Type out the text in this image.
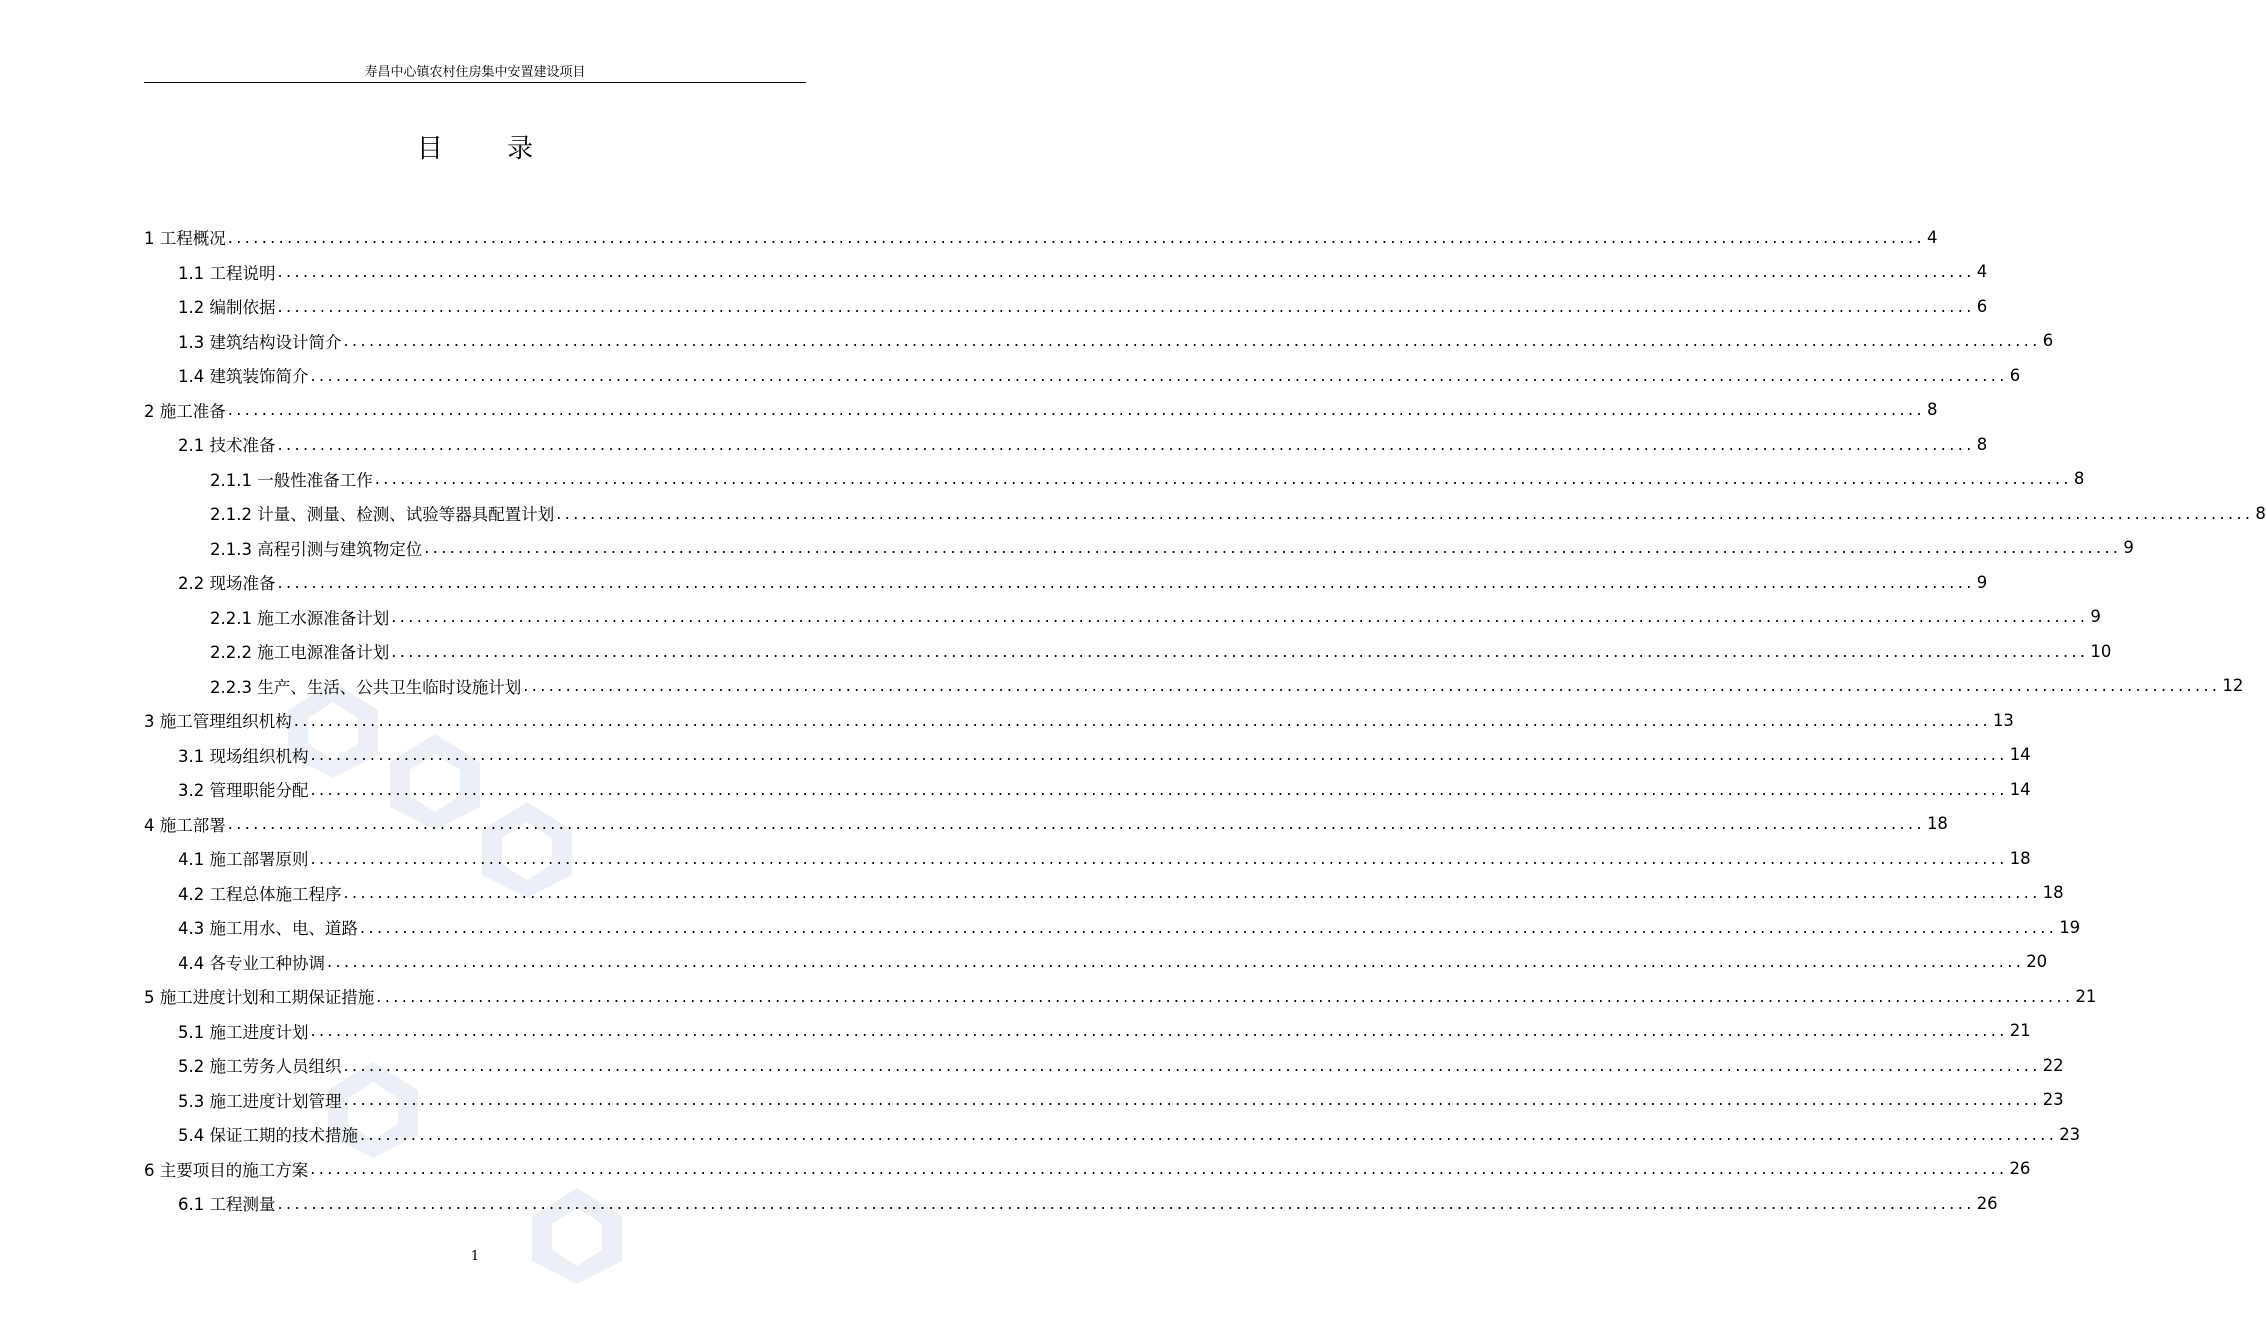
寿昌中心镇农村住房集中安置建设项目
目 录
1 工程概况 ........................................................................................................................................................................................................ 4
1.1 工程说明 ........................................................................................................................................................................................................ 4
1.2 编制依据 ........................................................................................................................................................................................................ 6
1.3 建筑结构设计简介 ........................................................................................................................................................................................................ 6
1.4 建筑装饰简介 ........................................................................................................................................................................................................ 6
2 施工准备 ........................................................................................................................................................................................................ 8
2.1 技术准备 ........................................................................................................................................................................................................ 8
2.1.1 一般性准备工作 ........................................................................................................................................................................................................ 8
2.1.2 计量、测量、检测、试验等器具配置计划 ........................................................................................................................................................................................................ 8
2.1.3 高程引测与建筑物定位 ........................................................................................................................................................................................................ 9
2.2 现场准备 ........................................................................................................................................................................................................ 9
2.2.1 施工水源准备计划 ........................................................................................................................................................................................................ 9
2.2.2 施工电源准备计划 ........................................................................................................................................................................................................ 10
2.2.3 生产、生活、公共卫生临时设施计划 ........................................................................................................................................................................................................ 12
3 施工管理组织机构 ........................................................................................................................................................................................................ 13
3.1 现场组织机构 ........................................................................................................................................................................................................ 14
3.2 管理职能分配 ........................................................................................................................................................................................................ 14
4 施工部署 ........................................................................................................................................................................................................ 18
4.1 施工部署原则 ........................................................................................................................................................................................................ 18
4.2 工程总体施工程序 ........................................................................................................................................................................................................ 18
4.3 施工用水、电、道路 ........................................................................................................................................................................................................ 19
4.4 各专业工种协调 ........................................................................................................................................................................................................ 20
5 施工进度计划和工期保证措施 ........................................................................................................................................................................................................ 21
5.1 施工进度计划 ........................................................................................................................................................................................................ 21
5.2 施工劳务人员组织 ........................................................................................................................................................................................................ 22
5.3 施工进度计划管理 ........................................................................................................................................................................................................ 23
5.4 保证工期的技术措施 ........................................................................................................................................................................................................ 23
6 主要项目的施工方案 ........................................................................................................................................................................................................ 26
6.1 工程测量 ........................................................................................................................................................................................................ 26
1
